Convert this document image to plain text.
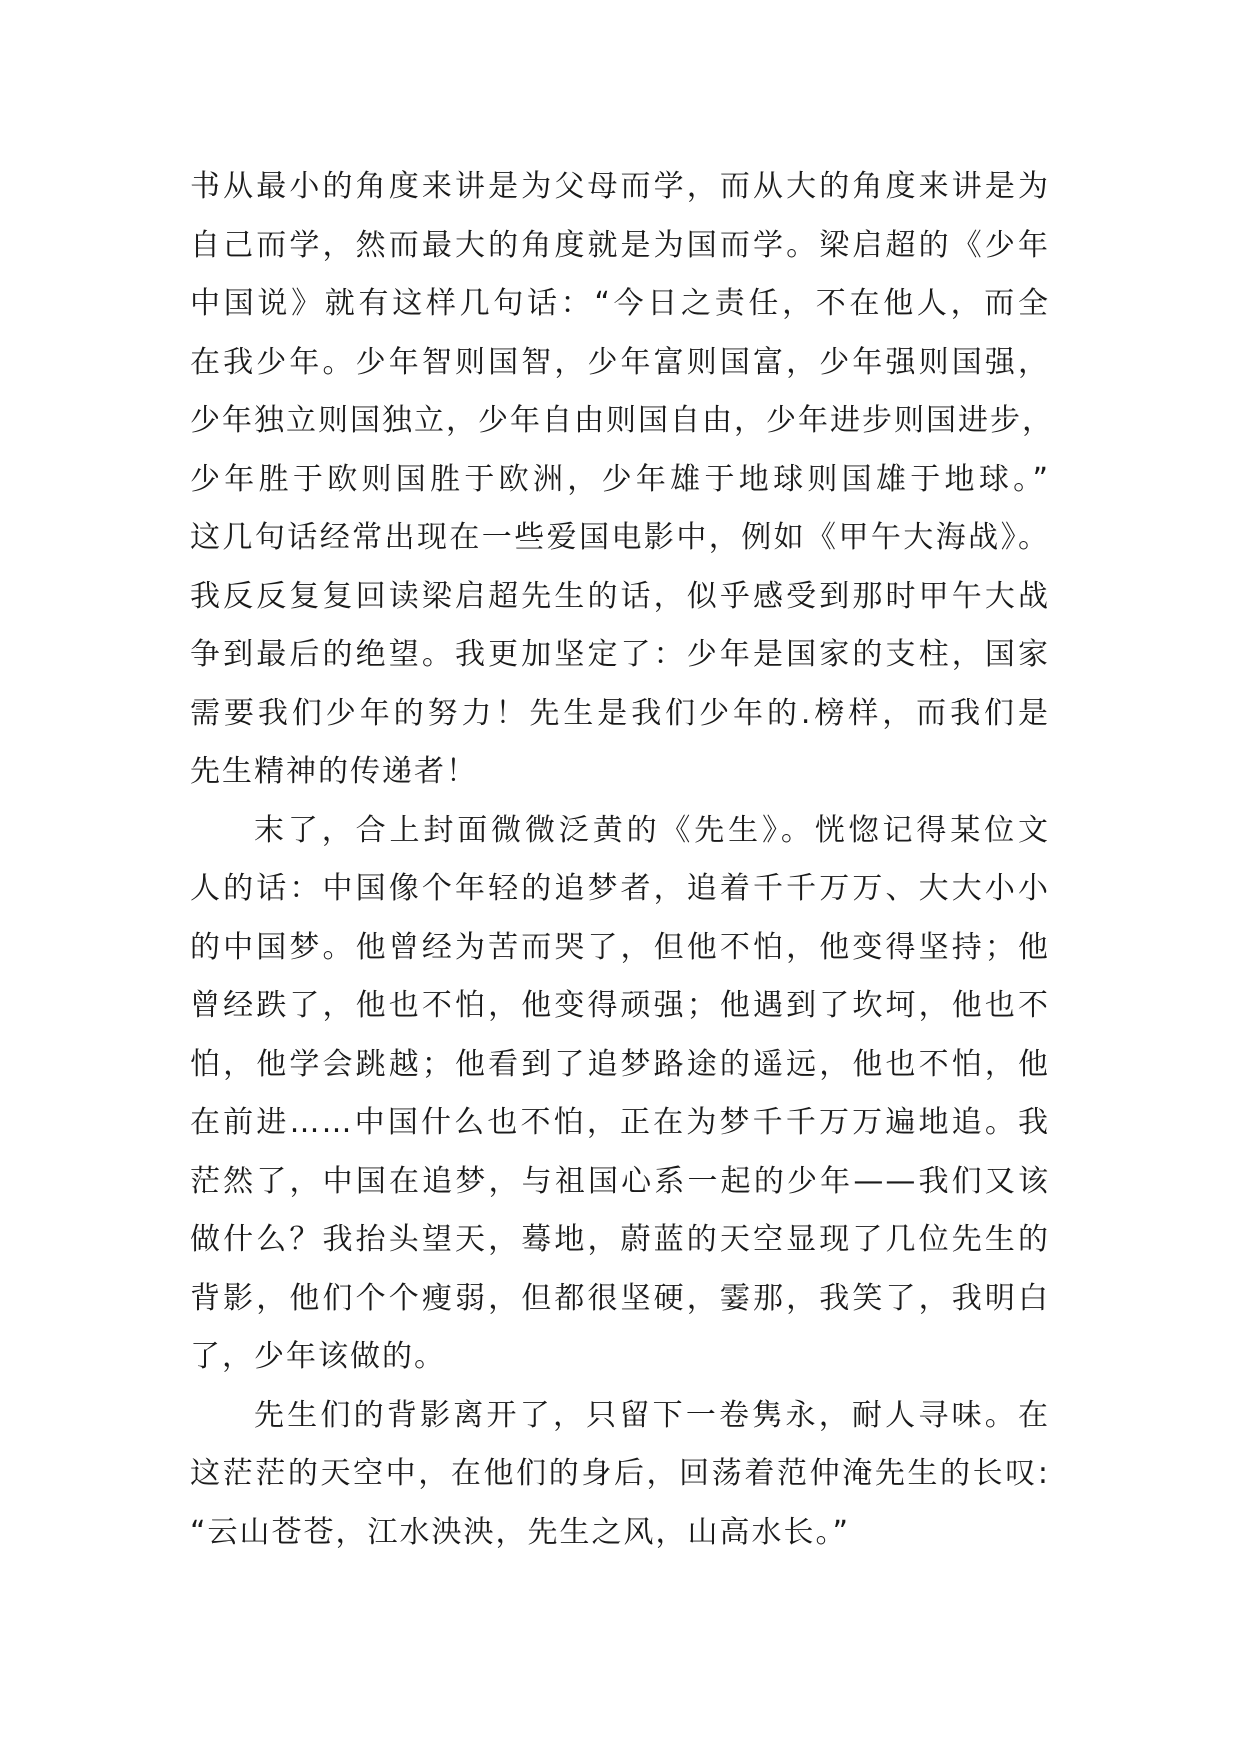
书从最小的角度来讲是为父母而学，而从大的角度来讲是为
自己而学，然而最大的角度就是为国而学。梁启超的《少年
中国说》就有这样几句话：“今日之责任，不在他人，而全
在我少年。少年智则国智，少年富则国富，少年强则国强，
少年独立则国独立，少年自由则国自由，少年进步则国进步，
少年胜于欧则国胜于欧洲，少年雄于地球则国雄于地球。”
这几句话经常出现在一些爱国电影中，例如《甲午大海战》。
我反反复复回读梁启超先生的话，似乎感受到那时甲午大战
争到最后的绝望。我更加坚定了：少年是国家的支柱，国家
需要我们少年的努力！先生是我们少年的.榜样，而我们是
先生精神的传递者！
末了，合上封面微微泛黄的《先生》。恍惚记得某位文
人的话：中国像个年轻的追梦者，追着千千万万、大大小小
的中国梦。他曾经为苦而哭了，但他不怕，他变得坚持；他
曾经跌了，他也不怕，他变得顽强；他遇到了坎坷，他也不
怕，他学会跳越；他看到了追梦路途的遥远，他也不怕，他
在前进……中国什么也不怕，正在为梦千千万万遍地追。我
茫然了，中国在追梦，与祖国心系一起的少年——我们又该
做什么？我抬头望天，蓦地，蔚蓝的天空显现了几位先生的
背影，他们个个瘦弱，但都很坚硬，霎那，我笑了，我明白
了，少年该做的。
先生们的背影离开了，只留下一卷隽永，耐人寻味。在
这茫茫的天空中，在他们的身后，回荡着范仲淹先生的长叹:
“云山苍苍，江水泱泱，先生之风，山高水长。”
